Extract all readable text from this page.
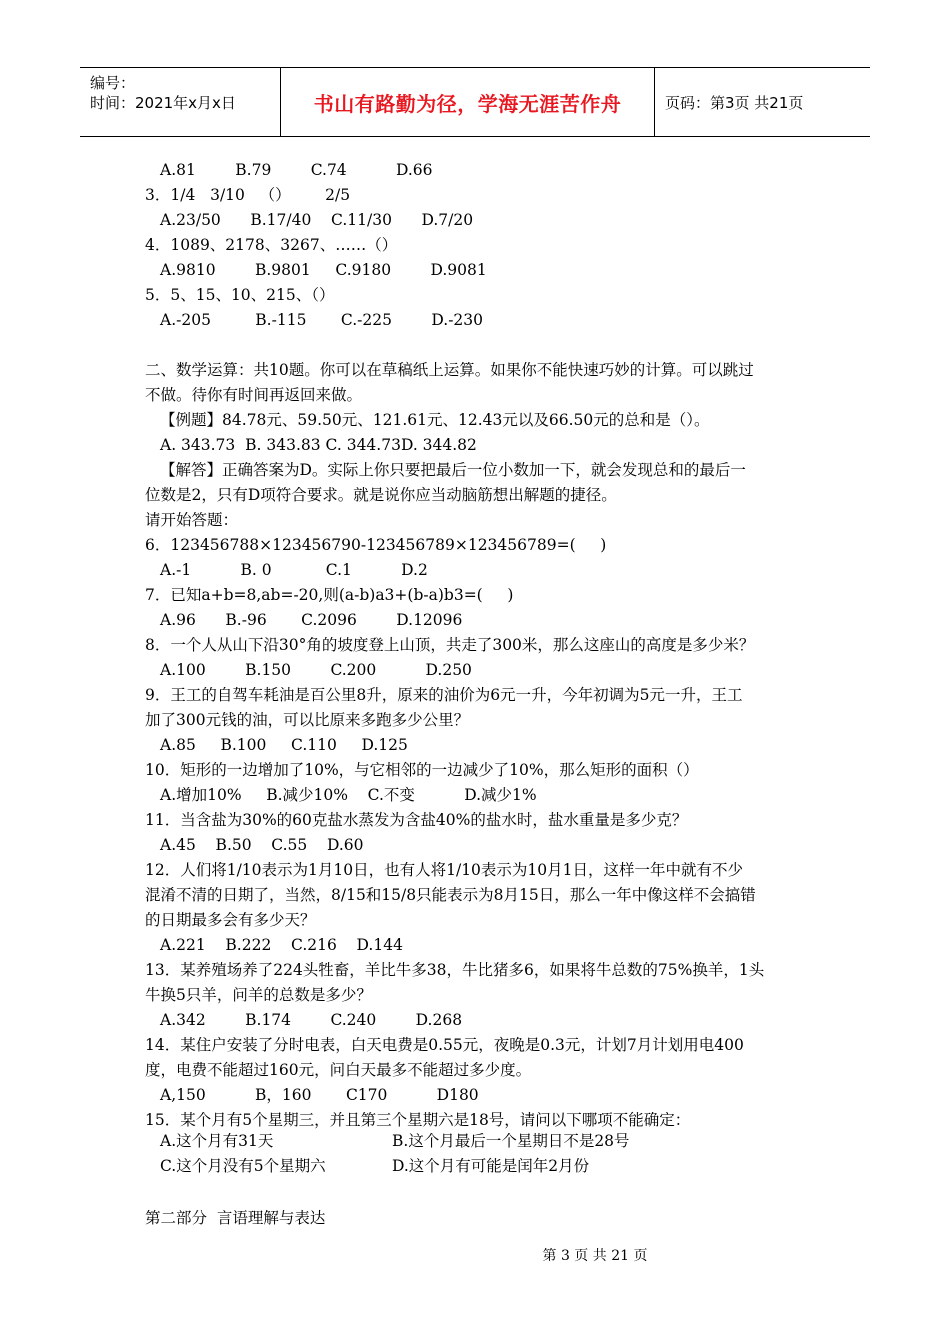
编号：
时间：2021年x月x日	书山有路勤为径，学海无涯苦作舟	页码：第3页 共21页
A.81        B.79        C.74          D.66
3．1/4   3/10   （）       2/5
A.23/50      B.17/40    C.11/30      D.7/20
4．1089、2178、3267、……（）
A.9810        B.9801     C.9180        D.9081
5．5、15、10、215、（）
A.-205         B.-115       C.-225        D.-230
二、数学运算：共10题。你可以在草稿纸上运算。如果你不能快速巧妙的计算。可以跳过
不做。待你有时间再返回来做。
【例题】84.78元、59.50元、121.61元、12.43元以及66.50元的总和是（）。
A. 343.73  B. 343.83 C. 344.73D. 344.82
【解答】正确答案为D。实际上你只要把最后一位小数加一下，就会发现总和的最后一
位数是2，只有D项符合要求。就是说你应当动脑筋想出解题的捷径。
请开始答题：
6．123456788×123456790-123456789×123456789=(     )
A.-1          B. 0           C.1          D.2
7．已知a+b=8,ab=-20,则(a-b)a3+(b-a)b3=(     )
A.96      B.-96       C.2096        D.12096
8．一个人从山下沿30°角的坡度登上山顶，共走了300米，那么这座山的高度是多少米？
A.100        B.150        C.200          D.250
9．王工的自驾车耗油是百公里8升，原来的油价为6元一升，今年初调为5元一升，王工
加了300元钱的油，可以比原来多跑多少公里？
A.85     B.100     C.110     D.125
10．矩形的一边增加了10%，与它相邻的一边减少了10%，那么矩形的面积（）
A.增加10%     B.减少10%    C.不变          D.减少1%
11．当含盐为30%的60克盐水蒸发为含盐40%的盐水时，盐水重量是多少克？
A.45    B.50    C.55    D.60
12．人们将1/10表示为1月10日，也有人将1/10表示为10月1日，这样一年中就有不少
混淆不清的日期了，当然，8/15和15/8只能表示为8月15日，那么一年中像这样不会搞错
的日期最多会有多少天？
A.221    B.222    C.216    D.144
13．某养殖场养了224头牲畜，羊比牛多38，牛比猪多6，如果将牛总数的75%换羊，1头
牛换5只羊，问羊的总数是多少？
A.342        B.174        C.240        D.268
14．某住户安装了分时电表，白天电费是0.55元，夜晚是0.3元，计划7月计划用电400
度，电费不能超过160元，问白天最多不能超过多少度。
A,150          B，160       C170          D180
15．某个月有5个星期三，并且第三个星期六是18号，请问以下哪项不能确定：
第二部分  言语理解与表达
A.这个月有31天	B.这个月最后一个星期日不是28号
C.这个月没有5个星期六	D.这个月有可能是闰年2月份
第 3 页 共 21 页
